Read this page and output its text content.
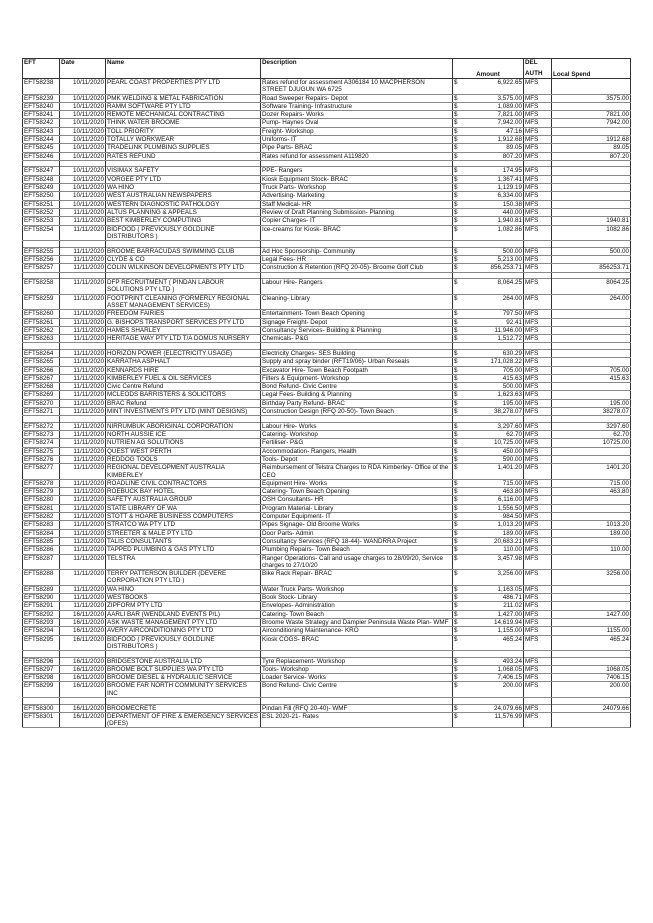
EFT	Date	Name	Description	Amount	DEL
AUTH	Local Spend
EFT58238	10/11/2020	PEARL COAST PROPERTIES PTY LTD	Rates refund for assessment A306184 10 MACPHERSON STREET DJUGUN WA 6725	$ 6,922.65	MFS	
EFT58239	10/11/2020	PMK WELDING & METAL FABRICATION	Road Sweeper Repairs- Depot	$ 3,575.00	MFS	3575.00
EFT58240	10/11/2020	RAMM SOFTWARE PTY LTD	Software Training- Infrastructure	$ 1,089.00	MFS	
EFT58241	10/11/2020	REMOTE MECHANICAL CONTRACTING	Dozer Repairs- Works	$ 7,821.00	MFS	7821.00
EFT58242	10/11/2020	THINK WATER BROOME	Pump- Haynes Oval	$ 7,942.00	MFS	7942.00
EFT58243	10/11/2020	TOLL PRIORITY	Freight- Workshop	$ 47.16	MFS	
EFT58244	10/11/2020	TOTALLY WORKWEAR	Uniforms- IT	$ 1,912.68	MFS	1912.68
EFT58245	10/11/2020	TRADELINK PLUMBING SUPPLIES	Pipe Parts- BRAC	$ 89.05	MFS	89.05
EFT58246	10/11/2020	RATES REFUND	Rates refund for assessment A119820	$ 807.20	MFS	807.20

EFT58247	10/11/2020	VISIMAX SAFETY	PPE- Rangers	$ 174.95	MFS	
EFT58248	10/11/2020	VORGEE PTY LTD	Kiosk Equipment Stock- BRAC	$ 1,367.41	MFS	
EFT58249	10/11/2020	WA HINO	Truck Parts- Workshop	$ 1,129.19	MFS	
EFT58250	10/11/2020	WEST AUSTRALIAN NEWSPAPERS	Advertising- Marketing	$ 6,334.00	MFS	
EFT58251	10/11/2020	WESTERN DIAGNOSTIC PATHOLOGY	Staff Medical- HR	$ 150.38	MFS	
EFT58252	11/11/2020	ALTUS PLANNING & APPEALS	Review of Draft Planning Submission- Planning	$ 440.00	MFS	
EFT58253	11/11/2020	BEST KIMBERLEY COMPUTING	Copier Charges- IT	$ 1,940.81	MFS	1940.81
EFT58254	11/11/2020	BIDFOOD ( PREVIOUSLY GOLDLINE DISTRIBUTORS )	Ice-creams for Kiosk- BRAC	$ 1,082.86	MFS	1082.86

EFT58255	11/11/2020	BROOME BARRACUDAS SWIMMING CLUB	Ad Hoc Sponsorship- Community	$ 500.00	MFS	500.00
EFT58256	11/11/2020	CLYDE & CO	Legal Fees- HR	$ 5,213.00	MFS	
EFT58257	11/11/2020	COLIN WILKINSON DEVELOPMENTS PTY LTD	Construction & Retention (RFQ 20-05)- Broome Golf Club	$ 856,253.71	MFS	856253.71

EFT58258	11/11/2020	DFP RECRUITMENT ( PINDAN LABOUR SOLUTIONS PTY LTD )	Labour Hire- Rangers	$ 8,064.25	MFS	8064.25
EFT58259	11/11/2020	FOOTPRINT CLEANING (FORMERLY REGIONAL ASSET MANAGEMENT SERVICES)	Cleaning- Library	$ 264.00	MFS	264.00
EFT58260	11/11/2020	FREEDOM FAIRIES	Entertainment- Town Beach Opening	$ 797.50	MFS	
EFT58261	11/11/2020	G. BISHOPS TRANSPORT SERVICES PTY LTD	Signage Freight- Depot	$ 92.41	MFS	
EFT58262	11/11/2020	HAMES SHARLEY	Consultancy Services- Building & Planning	$ 11,946.00	MFS	
EFT58263	11/11/2020	HERITAGE WAY PTY LTD T/A DOMUS NURSERY	Chemicals- P&G	$ 1,512.72	MFS	

EFT58264	11/11/2020	HORIZON POWER (ELECTRICITY USAGE)	Electricity Charges- SES Building	$ 630.29	MFS	
EFT58265	11/11/2020	KARRATHA ASPHALT	Supply and spray binder (RFT19/06)- Urban Reseals	$ 171,028.22	MFS	
EFT58266	11/11/2020	KENNARDS HIRE	Excavator Hire- Town Beach Footpath	$ 705.00	MFS	705.00
EFT58267	11/11/2020	KIMBERLEY FUEL & OIL SERVICES	Filters & Equipment- Workshop	$ 415.63	MFS	415.63
EFT58268	11/11/2020	Civic Centre Refund	Bond Refund- Civic Centre	$ 500.00	MFS	
EFT58269	11/11/2020	MCLEODS BARRISTERS & SOLICITORS	Legal Fees- Building & Planning	$ 1,623.63	MFS	
EFT58270	11/11/2020	BRAC Refund	Birthday Party Refund- BRAC	$ 195.00	MFS	195.00
EFT58271	11/11/2020	MINT INVESTMENTS PTY LTD (MINT DESIGNS)	Construction Design (RFQ 20-50)- Town Beach	$ 38,278.07	MFS	38278.07

EFT58272	11/11/2020	NIRRUMBUK ABORIGINAL CORPORATION	Labour Hire- Works	$ 3,297.60	MFS	3297.60
EFT58273	11/11/2020	NORTH AUSSIE ICE	Catering- Workshop	$ 62.70	MFS	62.70
EFT58274	11/11/2020	NUTRIEN AG SOLUTIONS	Fertiliser- P&G	$ 10,725.00	MFS	10725.00
EFT58275	11/11/2020	QUEST WEST PERTH	Accommodation- Rangers, Health	$ 450.00	MFS	
EFT58276	11/11/2020	REDDOG TOOLS	Tools- Depot	$ 590.00	MFS	
EFT58277	11/11/2020	REGIONAL DEVELOPMENT AUSTRALIA KIMBERLEY	Reimbursement of Telstra Charges to RDA Kimberley- Office of the CEO	$ 1,401.20	MFS	1401.20
EFT58278	11/11/2020	ROADLINE CIVIL CONTRACTORS	Equipment Hire- Works	$ 715.00	MFS	715.00
EFT58279	11/11/2020	ROEBUCK BAY HOTEL	Catering- Town Beach Opening	$ 463.80	MFS	463.80
EFT58280	11/11/2020	SAFETY AUSTRALIA GROUP	OSH Consultants- HR	$ 6,116.00	MFS	
EFT58281	11/11/2020	STATE LIBRARY OF WA	Program Material- Library	$ 1,556.50	MFS	
EFT58282	11/11/2020	STOTT & HOARE BUSINESS COMPUTERS	Computer Equipment- IT	$ 984.50	MFS	
EFT58283	11/11/2020	STRATCO WA PTY LTD	Pipes Signage- Old Broome Works	$ 1,013.20	MFS	1013.20
EFT58284	11/11/2020	STREETER & MALE PTY LTD	Door Parts- Admin	$ 189.00	MFS	189.00
EFT58285	11/11/2020	TALIS CONSULTANTS	Consultancy Services (RFQ 18-44)- WANDRRA Project	$ 20,683.21	MFS	
EFT58286	11/11/2020	TAPPED PLUMBING & GAS PTY LTD	Plumbing Repairs- Town Beach	$ 110.00	MFS	110.00
EFT58287	11/11/2020	TELSTRA	Ranger Operations- Call and usage charges to 28/09/20, Service charges to 27/10/20	$ 3,457.98	MFS	
EFT58288	11/11/2020	TERRY PATTERSON BUILDER (DEVERE CORPORATION PTY LTD )	Bike Rack Repair- BRAC	$ 3,256.00	MFS	3256.00
EFT58289	11/11/2020	WA HINO	Water Truck Parts- Workshop	$ 1,163.05	MFS	
EFT58290	11/11/2020	WESTBOOKS	Book Stock- Library	$ 486.71	MFS	
EFT58291	11/11/2020	ZIPFORM PTY LTD	Envelopes- Administration	$ 211.02	MFS	
EFT58292	16/11/2020	AARLI BAR (WENDLAND EVENTS P/L)	Catering- Town Beach	$ 1,427.00	MFS	1427.00
EFT58293	16/11/2020	ASK WASTE MANAGEMENT PTY LTD	Broome Waste Strategy and Dampier Peninsula Waste Plan- WMF	$ 14,619.94	MFS	
EFT58294	16/11/2020	AVERY AIRCONDITIONING PTY LTD	Airconditioning Maintenance- KRO	$ 1,155.00	MFS	1155.00
EFT58295	16/11/2020	BIDFOOD ( PREVIOUSLY GOLDLINE DISTRIBUTORS )	Kiosk COGS- BRAC	$ 465.24	MFS	465.24

EFT58296	16/11/2020	BRIDGESTONE AUSTRALIA LTD	Tyre Replacement- Workshop	$ 493.24	MFS	
EFT58297	16/11/2020	BROOME BOLT SUPPLIES WA PTY LTD	Tools- Workshop	$ 1,068.05	MFS	1068.05
EFT58298	16/11/2020	BROOME DIESEL & HYDRAULIC SERVICE	Loader Service- Works	$ 7,406.15	MFS	7406.15
EFT58299	16/11/2020	BROOME FAR NORTH COMMUNITY SERVICES INC	Bond Refund- Civic Centre	$ 200.00	MFS	200.00

EFT58300	16/11/2020	BROOMECRETE	Pindan Fill (RFQ 20-40)- WMF	$ 24,079.66	MFS	24079.66
EFT58301	16/11/2020	DEPARTMENT OF FIRE & EMERGENCY SERVICES (DFES)	ESL 2020-21- Rates	$ 11,576.99	MFS	
